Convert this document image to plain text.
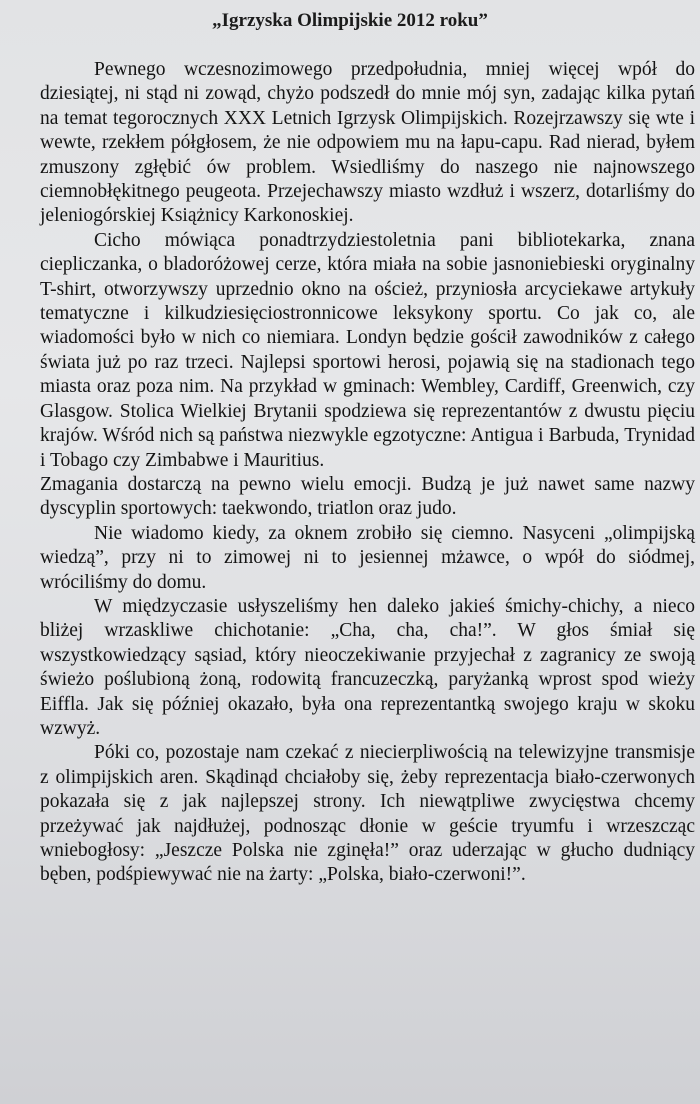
„Igrzyska Olimpijskie 2012 roku”

Pewnego wczesnozimowego przedpołudnia, mniej więcej wpół do dziesiątej, ni stąd ni zowąd, chyżo podszedł do mnie mój syn, zadając kilka pytań na temat tegorocznych XXX Letnich Igrzysk Olimpijskich. Rozejrzawszy się wte i wewte, rzekłem półgłosem, że nie odpowiem mu na łapu-capu. Rad nierad, byłem zmuszony zgłębić ów problem. Wsiedliśmy do naszego nie najnowszego ciemnobłękitnego peugeota. Przejechawszy miasto wzdłuż i wszerz, dotarliśmy do jeleniogórskiej Książnicy Karkonoskiej.

Cicho mówiąca ponadtrzydziestoletnia pani bibliotekarka, znana ciepliczanka, o bladoróżowej cerze, która miała na sobie jasnoniebieski oryginalny T-shirt, otworzywszy uprzednio okno na oścież, przyniosła arcyciekawe artykuły tematyczne i kilkudziesięciostronnicowe leksykony sportu. Co jak co, ale wiadomości było w nich co niemiara. Londyn będzie gościł zawodników z całego świata już po raz trzeci. Najlepsi sportowi herosi, pojawią się na stadionach tego miasta oraz poza nim. Na przykład w gminach: Wembley, Cardiff, Greenwich, czy Glasgow. Stolica Wielkiej Brytanii spodziewa się reprezentantów z dwustu pięciu krajów. Wśród nich są państwa niezwykle egzotyczne: Antigua i Barbuda, Trynidad i Tobago czy Zimbabwe i Mauritius.

Zmagania dostarczą na pewno wielu emocji. Budzą je już nawet same nazwy dyscyplin sportowych: taekwondo, triatlon oraz judo.

Nie wiadomo kiedy, za oknem zrobiło się ciemno. Nasyceni „olimpijską wiedzą”, przy ni to zimowej ni to jesiennej mżawce, o wpół do siódmej, wróciliśmy do domu.

W międzyczasie usłyszeliśmy hen daleko jakieś śmichy-chichy, a nieco bliżej wrzaskliwe chichotanie: „Cha, cha, cha!”. W głos śmiał się wszystkowiedzący sąsiad, który nieoczekiwanie przyjechał z zagranicy ze swoją świeżo poślubioną żoną, rodowitą francuzeczką, paryżanką wprost spod wieży Eiffla. Jak się później okazało, była ona reprezentantką swojego kraju w skoku wzwyż.

Póki co, pozostaje nam czekać z niecierpliwością na telewizyjne transmisje z olimpijskich aren. Skądinąd chciałoby się, żeby reprezentacja biało-czerwonych pokazała się z jak najlepszej strony. Ich niewątpliwe zwycięstwa chcemy przeżywać jak najdłużej, podnosząc dłonie w geście tryumfu i wrzeszcząc wniebogłosy: „Jeszcze Polska nie zginęła!” oraz uderzając w głucho dudniący bęben, podśpiewywać nie na żarty: „Polska, biało-czerwoni!”.
